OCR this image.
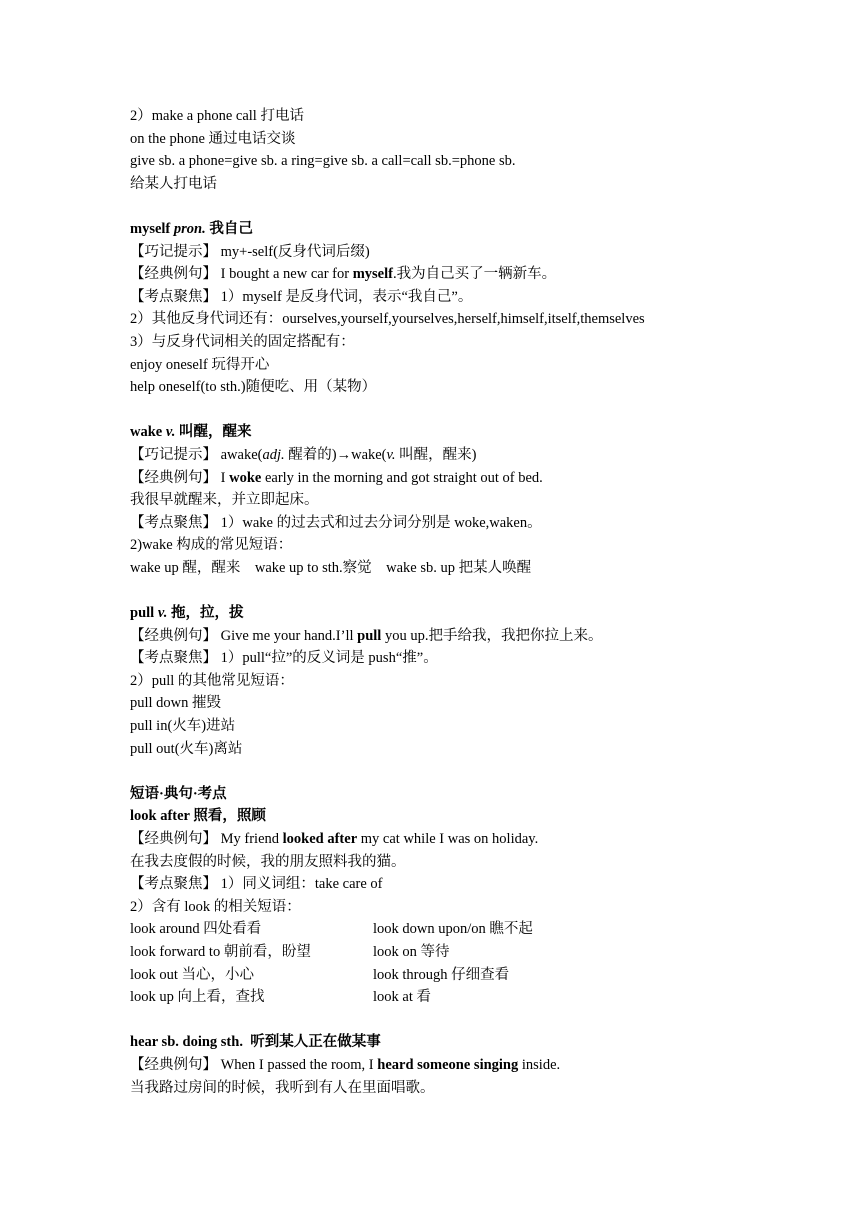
2）make a phone call 打电话
on the phone 通过电话交谈
give sb. a phone=give sb. a ring=give sb. a call=call sb.=phone sb.
给某人打电话
myself pron. 我自己
【巧记提示】 my+-self(反身代词后缀)
【经典例句】 I bought a new car for myself.我为自己买了一辆新车。
【考点聚焦】 1）myself 是反身代词，表示“我自己”。
2）其他反身代词还有：ourselves,yourself,yourselves,herself,himself,itself,themselves
3）与反身代词相关的固定搭配有：
enjoy oneself 玩得开心
help oneself(to sth.)随便吃、用（某物）
wake v. 叫醒，醒来
【巧记提示】 awake(adj. 醒着的)→wake(v. 叫醒，醒来)
【经典例句】 I woke early in the morning and got straight out of bed.
我很早就醒来，并立即起床。
【考点聚焦】 1）wake 的过去式和过去分词分别是 woke,waken。
2)wake 构成的常见短语：
wake up 醒，醒来    wake up to sth.察觉    wake sb. up 把某人唤醒
pull v. 拖，拉，拔
【经典例句】 Give me your hand.I’ll pull you up.把手给我，我把你拉上来。
【考点聚焦】 1）pull“拉”的反义词是 push“推”。
2）pull 的其他常见短语：
pull down 摧毁
pull in(火车)进站
pull out(火车)离站
短语·典句·考点
look after 照看，照顾
【经典例句】 My friend looked after my cat while I was on holiday.
在我去度假的时候，我的朋友照料我的猫。
【考点聚焦】 1）同义词组：take care of
2）含有 look 的相关短语：
look around 四处看看	look down upon/on 瞧不起
look forward to 朝前看，盼望	look on 等待
look out 当心，小心	look through 仔细查看
look up 向上看，查找	look at 看
hear sb. doing sth.  听到某人正在做某事
【经典例句】 When I passed the room, I heard someone singing inside.
当我路过房间的时候，我听到有人在里面唱歌。
